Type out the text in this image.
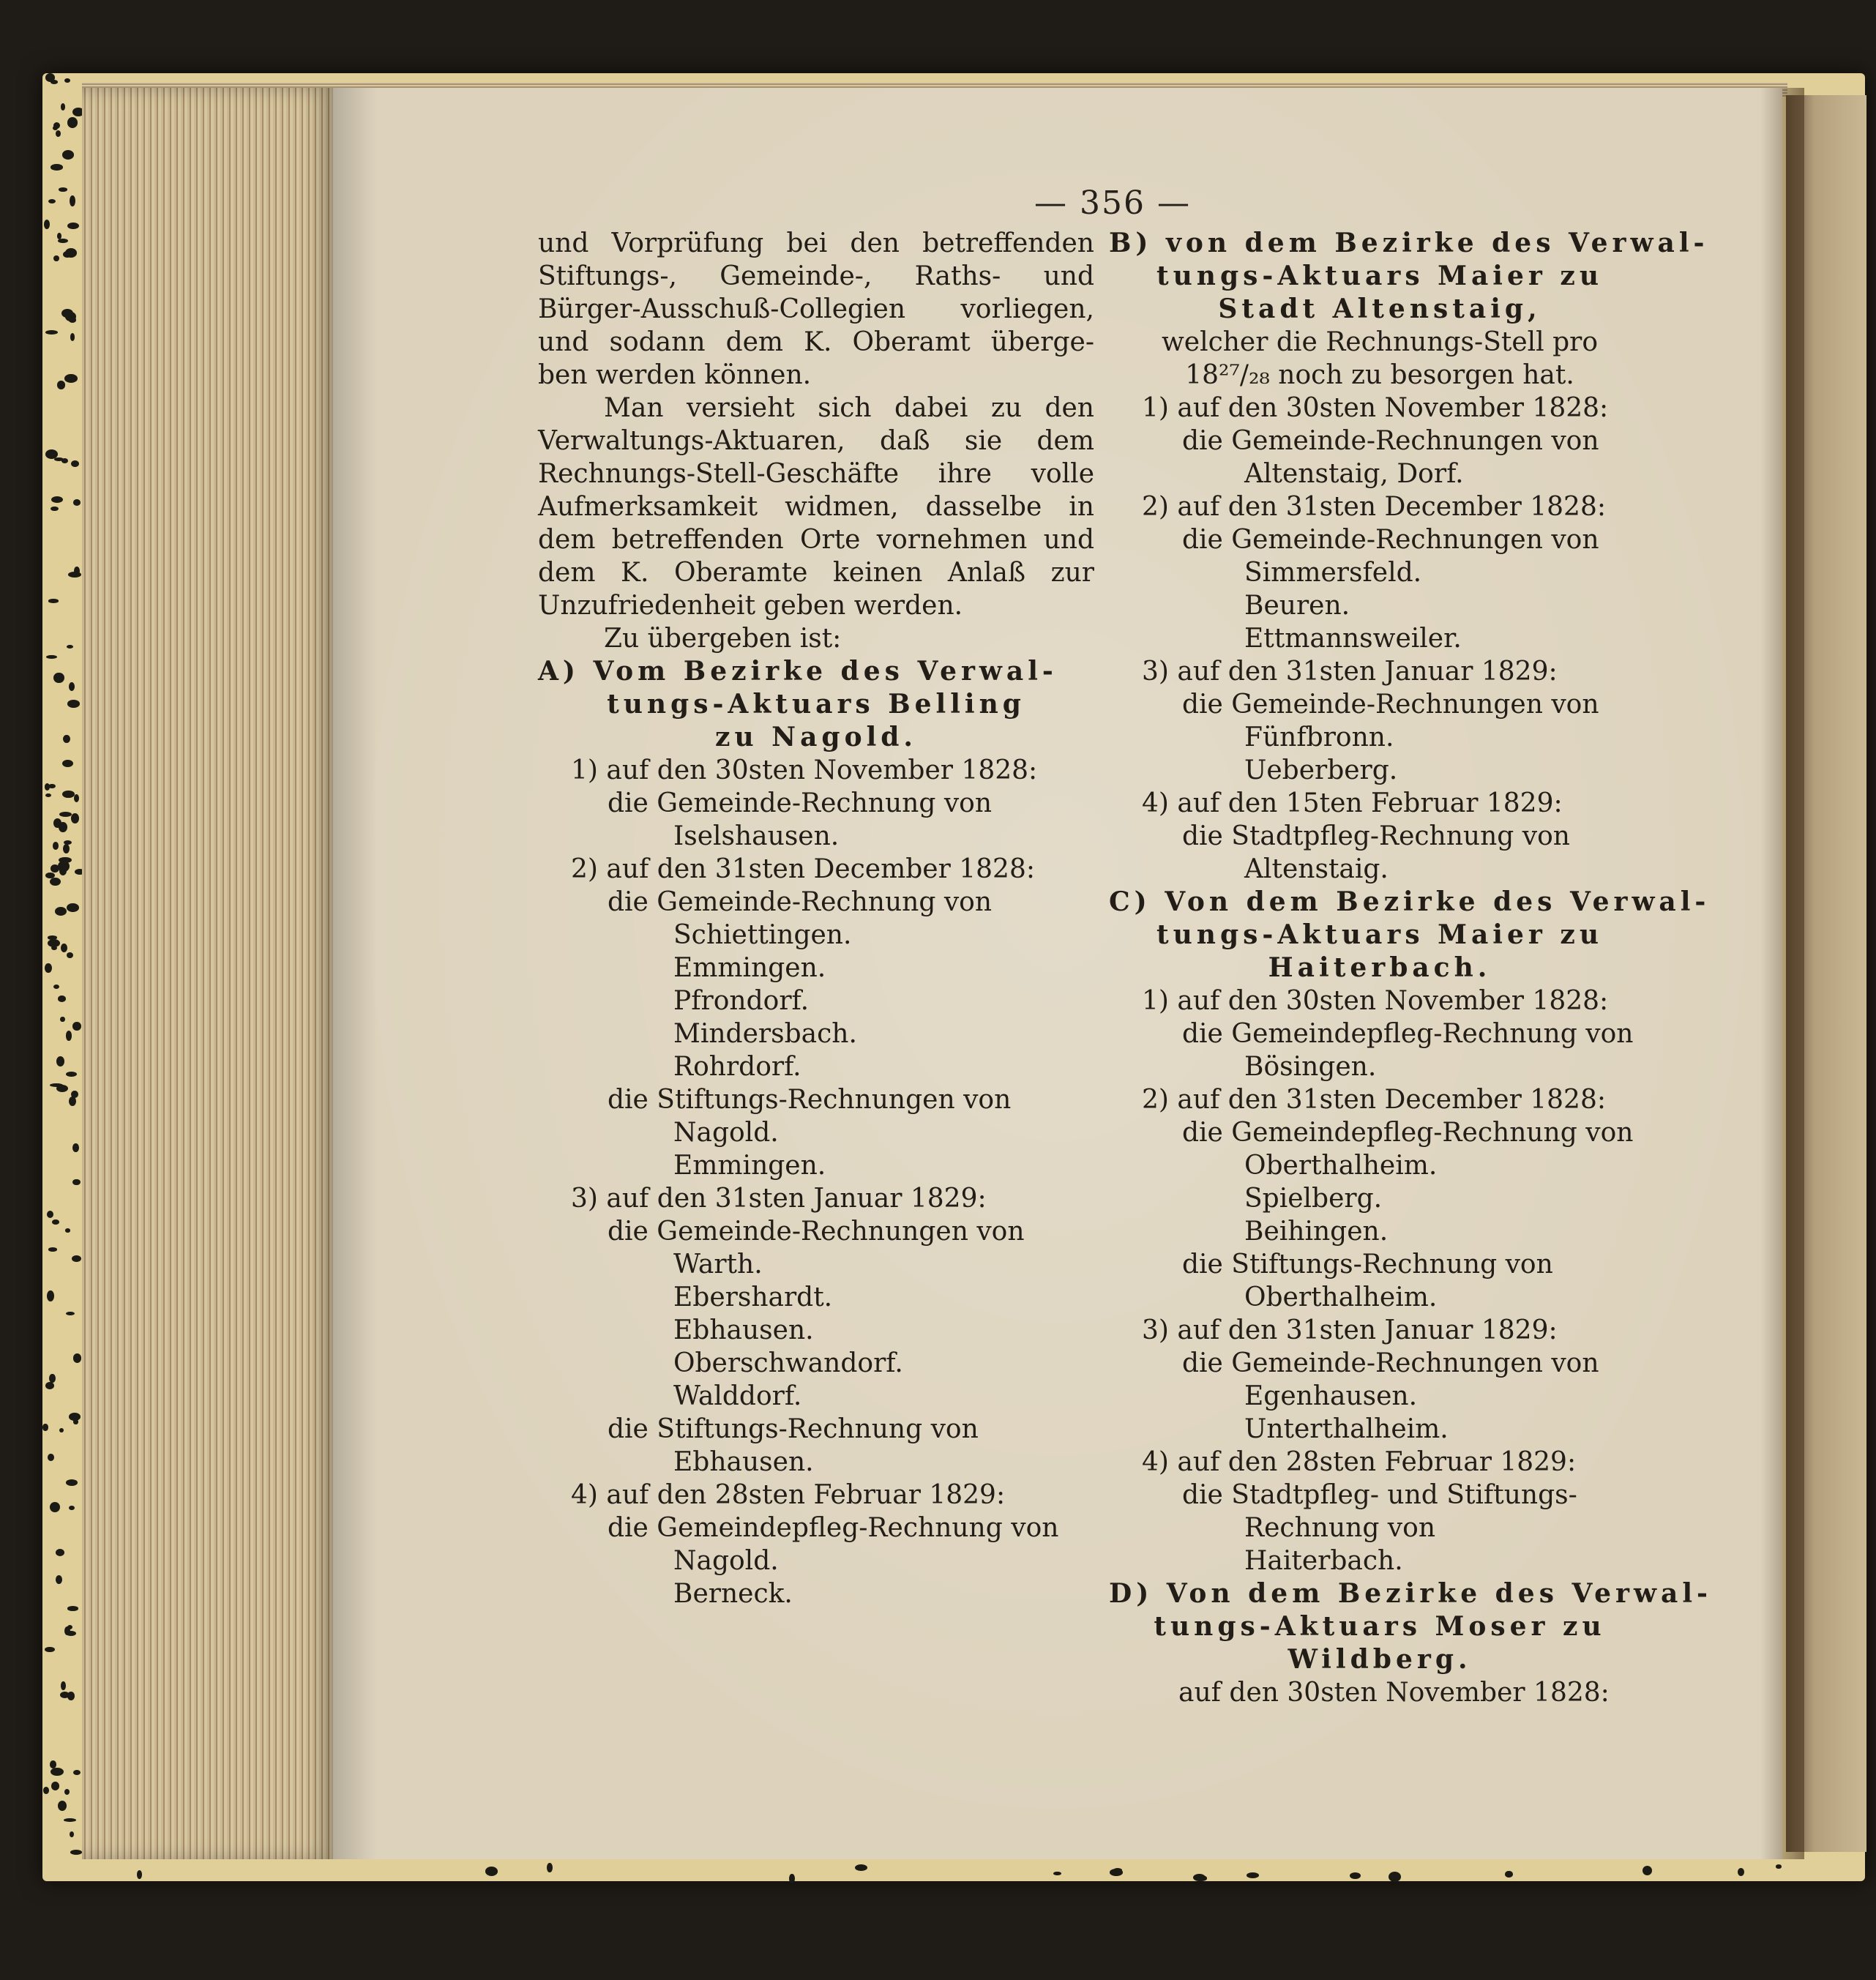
— 356 —
und Vorprüfung bei den betreffenden
Stiftungs-, Gemeinde-, Raths- und
Bürger-Ausschuß-Collegien vorliegen,
und sodann dem K. Oberamt überge-
ben werden können.
Man versieht sich dabei zu den
Verwaltungs-Aktuaren, daß sie dem
Rechnungs-Stell-Geschäfte ihre volle
Aufmerksamkeit widmen, dasselbe in
dem betreffenden Orte vornehmen und
dem K. Oberamte keinen Anlaß zur
Unzufriedenheit geben werden.
Zu übergeben ist:
A) Vom Bezirke des Verwal-
tungs-Aktuars Belling
zu Nagold.
1) auf den 30sten November 1828:
die Gemeinde-Rechnung von
Iselshausen.
2) auf den 31sten December 1828:
die Gemeinde-Rechnung von
Schiettingen.
Emmingen.
Pfrondorf.
Mindersbach.
Rohrdorf.
die Stiftungs-Rechnungen von
Nagold.
Emmingen.
3) auf den 31sten Januar 1829:
die Gemeinde-Rechnungen von
Warth.
Ebershardt.
Ebhausen.
Oberschwandorf.
Walddorf.
die Stiftungs-Rechnung von
Ebhausen.
4) auf den 28sten Februar 1829:
die Gemeindepfleg-Rechnung von
Nagold.
Berneck.
B) von dem Bezirke des Verwal-
tungs-Aktuars Maier zu
Stadt Altenstaig,
welcher die Rechnungs-Stell pro
18²⁷/₂₈ noch zu besorgen hat.
1) auf den 30sten November 1828:
die Gemeinde-Rechnungen von
Altenstaig, Dorf.
2) auf den 31sten December 1828:
die Gemeinde-Rechnungen von
Simmersfeld.
Beuren.
Ettmannsweiler.
3) auf den 31sten Januar 1829:
die Gemeinde-Rechnungen von
Fünfbronn.
Ueberberg.
4) auf den 15ten Februar 1829:
die Stadtpfleg-Rechnung von
Altenstaig.
C) Von dem Bezirke des Verwal-
tungs-Aktuars Maier zu
Haiterbach.
1) auf den 30sten November 1828:
die Gemeindepfleg-Rechnung von
Bösingen.
2) auf den 31sten December 1828:
die Gemeindepfleg-Rechnung von
Oberthalheim.
Spielberg.
Beihingen.
die Stiftungs-Rechnung von
Oberthalheim.
3) auf den 31sten Januar 1829:
die Gemeinde-Rechnungen von
Egenhausen.
Unterthalheim.
4) auf den 28sten Februar 1829:
die Stadtpfleg- und Stiftungs-
Rechnung von
Haiterbach.
D) Von dem Bezirke des Verwal-
tungs-Aktuars Moser zu
Wildberg.
auf den 30sten November 1828:
